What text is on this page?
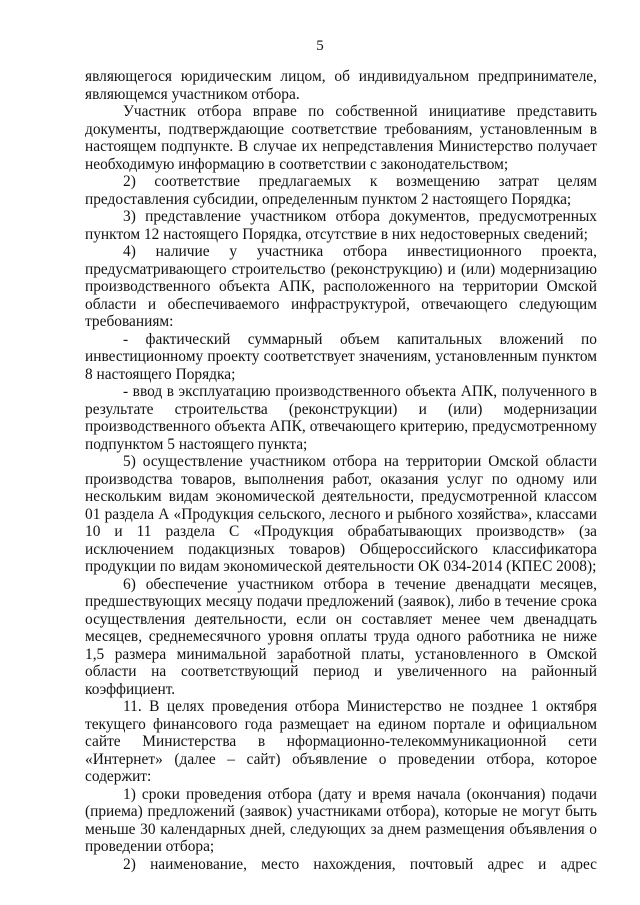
5

являющегося юридическим лицом, об индивидуальном предпринимателе, являющемся участником отбора.

Участник отбора вправе по собственной инициативе представить документы, подтверждающие соответствие требованиям, установленным в настоящем подпункте. В случае их непредставления Министерство получает необходимую информацию в соответствии с законодательством;

2) соответствие предлагаемых к возмещению затрат целям предоставления субсидии, определенным пунктом 2 настоящего Порядка;

3) представление участником отбора документов, предусмотренных пунктом 12 настоящего Порядка, отсутствие в них недостоверных сведений;

4) наличие у участника отбора инвестиционного проекта, предусматривающего строительство (реконструкцию) и (или) модернизацию производственного объекта АПК, расположенного на территории Омской области и обеспечиваемого инфраструктурой, отвечающего следующим требованиям:

- фактический суммарный объем капитальных вложений по инвестиционному проекту соответствует значениям, установленным пунктом 8 настоящего Порядка;

- ввод в эксплуатацию производственного объекта АПК, полученного в результате строительства (реконструкции) и (или) модернизации производственного объекта АПК, отвечающего критерию, предусмотренному подпунктом 5 настоящего пункта;

5) осуществление участником отбора на территории Омской области производства товаров, выполнения работ, оказания услуг по одному или нескольким видам экономической деятельности, предусмотренной классом 01 раздела А «Продукция сельского, лесного и рыбного хозяйства», классами 10 и 11 раздела С «Продукция обрабатывающих производств» (за исключением подакцизных товаров) Общероссийского классификатора продукции по видам экономической деятельности ОК 034-2014 (КПЕС 2008);

6) обеспечение участником отбора в течение двенадцати месяцев, предшествующих месяцу подачи предложений (заявок), либо в течение срока осуществления деятельности, если он составляет менее чем двенадцать месяцев, среднемесячного уровня оплаты труда одного работника не ниже 1,5 размера минимальной заработной платы, установленного в Омской области на соответствующий период и увеличенного на районный коэффициент.

11. В целях проведения отбора Министерство не позднее 1 октября текущего финансового года размещает на едином портале и официальном сайте Министерства в нформационно-телекоммуникационной сети «Интернет» (далее – сайт) объявление о проведении отбора, которое содержит:

1) сроки проведения отбора (дату и время начала (окончания) подачи (приема) предложений (заявок) участниками отбора), которые не могут быть меньше 30 календарных дней, следующих за днем размещения объявления о проведении отбора;

2) наименование, место нахождения, почтовый адрес и адрес
